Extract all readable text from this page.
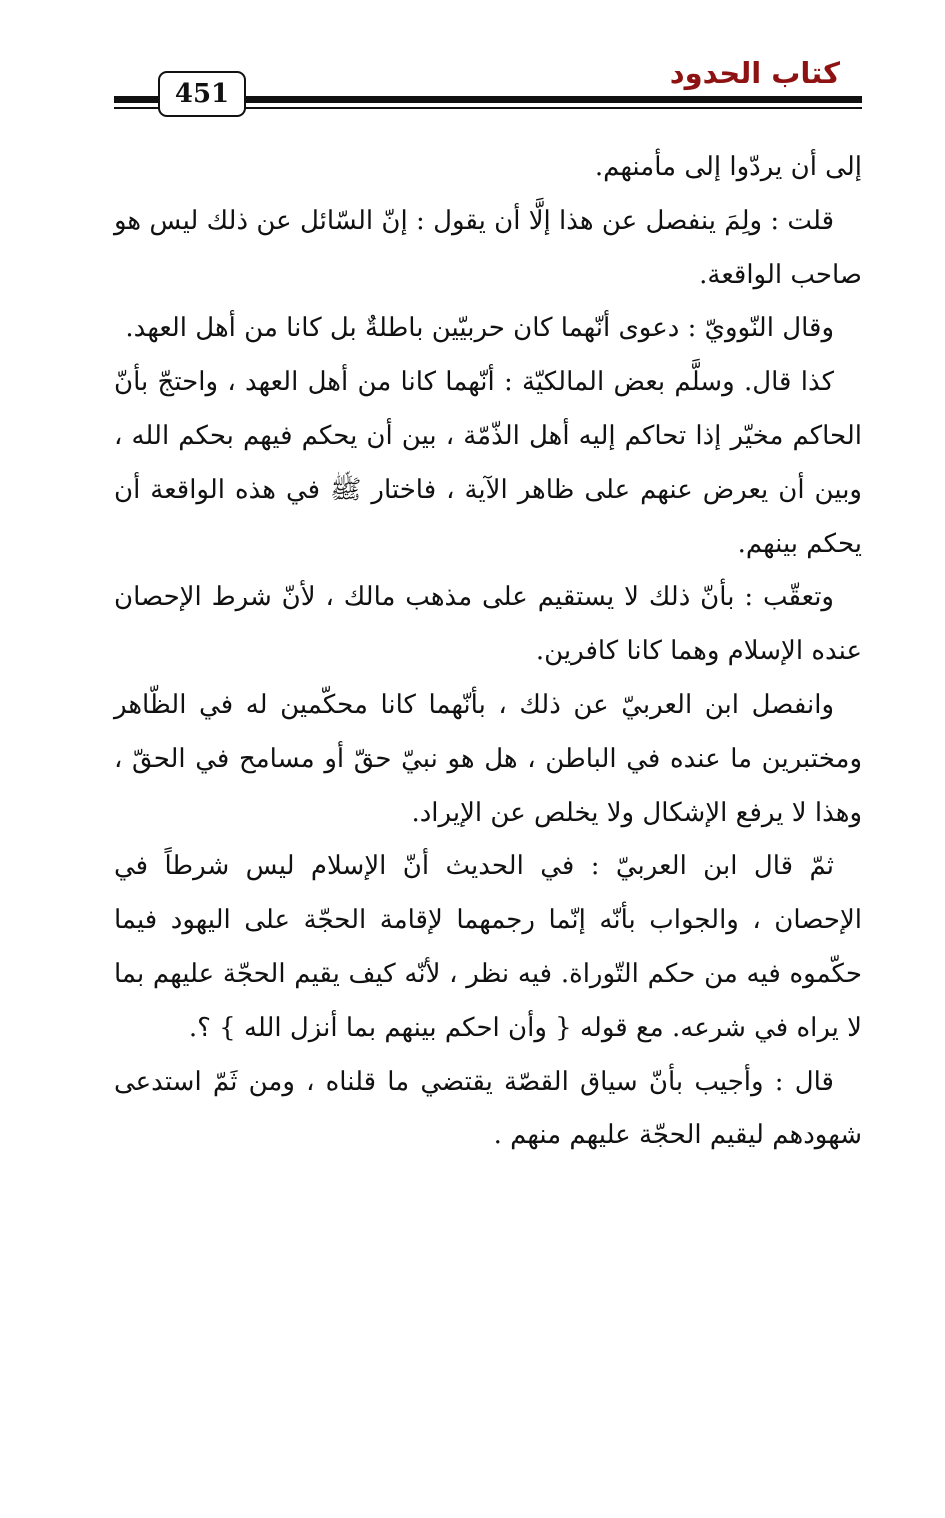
كتاب الحدود
451

إلى أن يردّوا إلى مأمنهم.

قلت : ولِمَ ينفصل عن هذا إلَّا أن يقول : إنّ السّائل عن ذلك ليس هو صاحب الواقعة.

وقال النّوويّ : دعوى أنّهما كان حربيّين باطلةٌ بل كانا من أهل العهد.

كذا قال. وسلَّم بعض المالكيّة : أنّهما كانا من أهل العهد ، واحتجّ بأنّ الحاكم مخيّر إذا تحاكم إليه أهل الذّمّة ، بين أن يحكم فيهم بحكم الله ، وبين أن يعرض عنهم على ظاهر الآية ، فاختار ﷺ في هذه الواقعة أن يحكم بينهم.

وتعقّب : بأنّ ذلك لا يستقيم على مذهب مالك ، لأنّ شرط الإحصان عنده الإسلام وهما كانا كافرين.

وانفصل ابن العربيّ عن ذلك ، بأنّهما كانا محكّمين له في الظّاهر ومختبرين ما عنده في الباطن ، هل هو نبيّ حقّ أو مسامح في الحقّ ، وهذا لا يرفع الإشكال ولا يخلص عن الإيراد.

ثمّ قال ابن العربيّ : في الحديث أنّ الإسلام ليس شرطاً في الإحصان ، والجواب بأنّه إنّما رجمهما لإقامة الحجّة على اليهود فيما حكّموه فيه من حكم التّوراة. فيه نظر ، لأنّه كيف يقيم الحجّة عليهم بما لا يراه في شرعه. مع قوله { وأن احكم بينهم بما أنزل الله } ؟.

قال : وأجيب بأنّ سياق القصّة يقتضي ما قلناه ، ومن ثَمّ استدعى شهودهم ليقيم الحجّة عليهم منهم .
